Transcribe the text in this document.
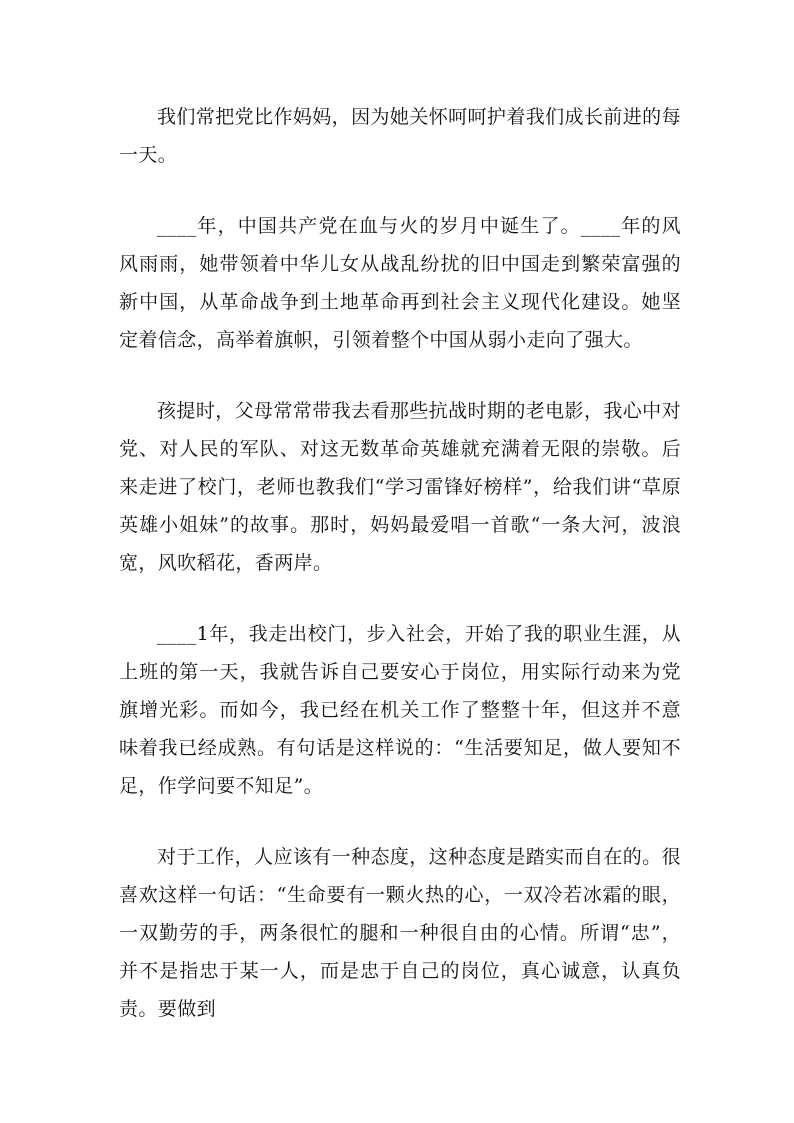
我们常把党比作妈妈，因为她关怀呵呵护着我们成长前进的每一天。

____年，中国共产党在血与火的岁月中诞生了。____年的风风雨雨，她带领着中华儿女从战乱纷扰的旧中国走到繁荣富强的新中国，从革命战争到土地革命再到社会主义现代化建设。她坚定着信念，高举着旗帜，引领着整个中国从弱小走向了强大。

孩提时，父母常常带我去看那些抗战时期的老电影，我心中对党、对人民的军队、对这无数革命英雄就充满着无限的崇敬。后来走进了校门，老师也教我们“学习雷锋好榜样”，给我们讲“草原英雄小姐妹”的故事。那时，妈妈最爱唱一首歌“一条大河，波浪宽，风吹稻花，香两岸。

____1年，我走出校门，步入社会，开始了我的职业生涯，从上班的第一天，我就告诉自己要安心于岗位，用实际行动来为党旗增光彩。而如今，我已经在机关工作了整整十年，但这并不意味着我已经成熟。有句话是这样说的：“生活要知足，做人要知不足，作学问要不知足”。

对于工作，人应该有一种态度，这种态度是踏实而自在的。很喜欢这样一句话：“生命要有一颗火热的心，一双冷若冰霜的眼，一双勤劳的手，两条很忙的腿和一种很自由的心情。所谓“忠”，并不是指忠于某一人，而是忠于自己的岗位，真心诚意，认真负责。要做到
